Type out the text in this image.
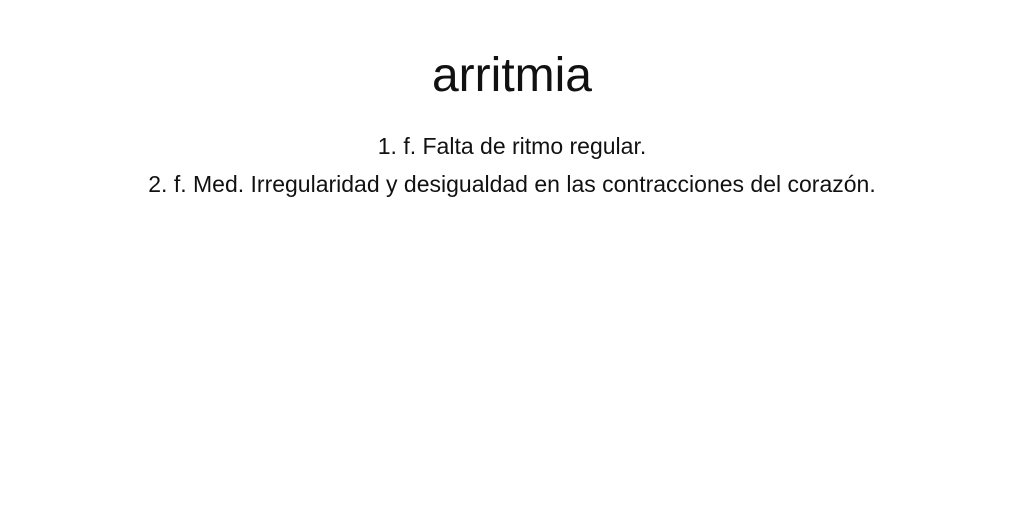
arritmia
1. f. Falta de ritmo regular.
2. f. Med. Irregularidad y desigualdad en las contracciones del corazón.
